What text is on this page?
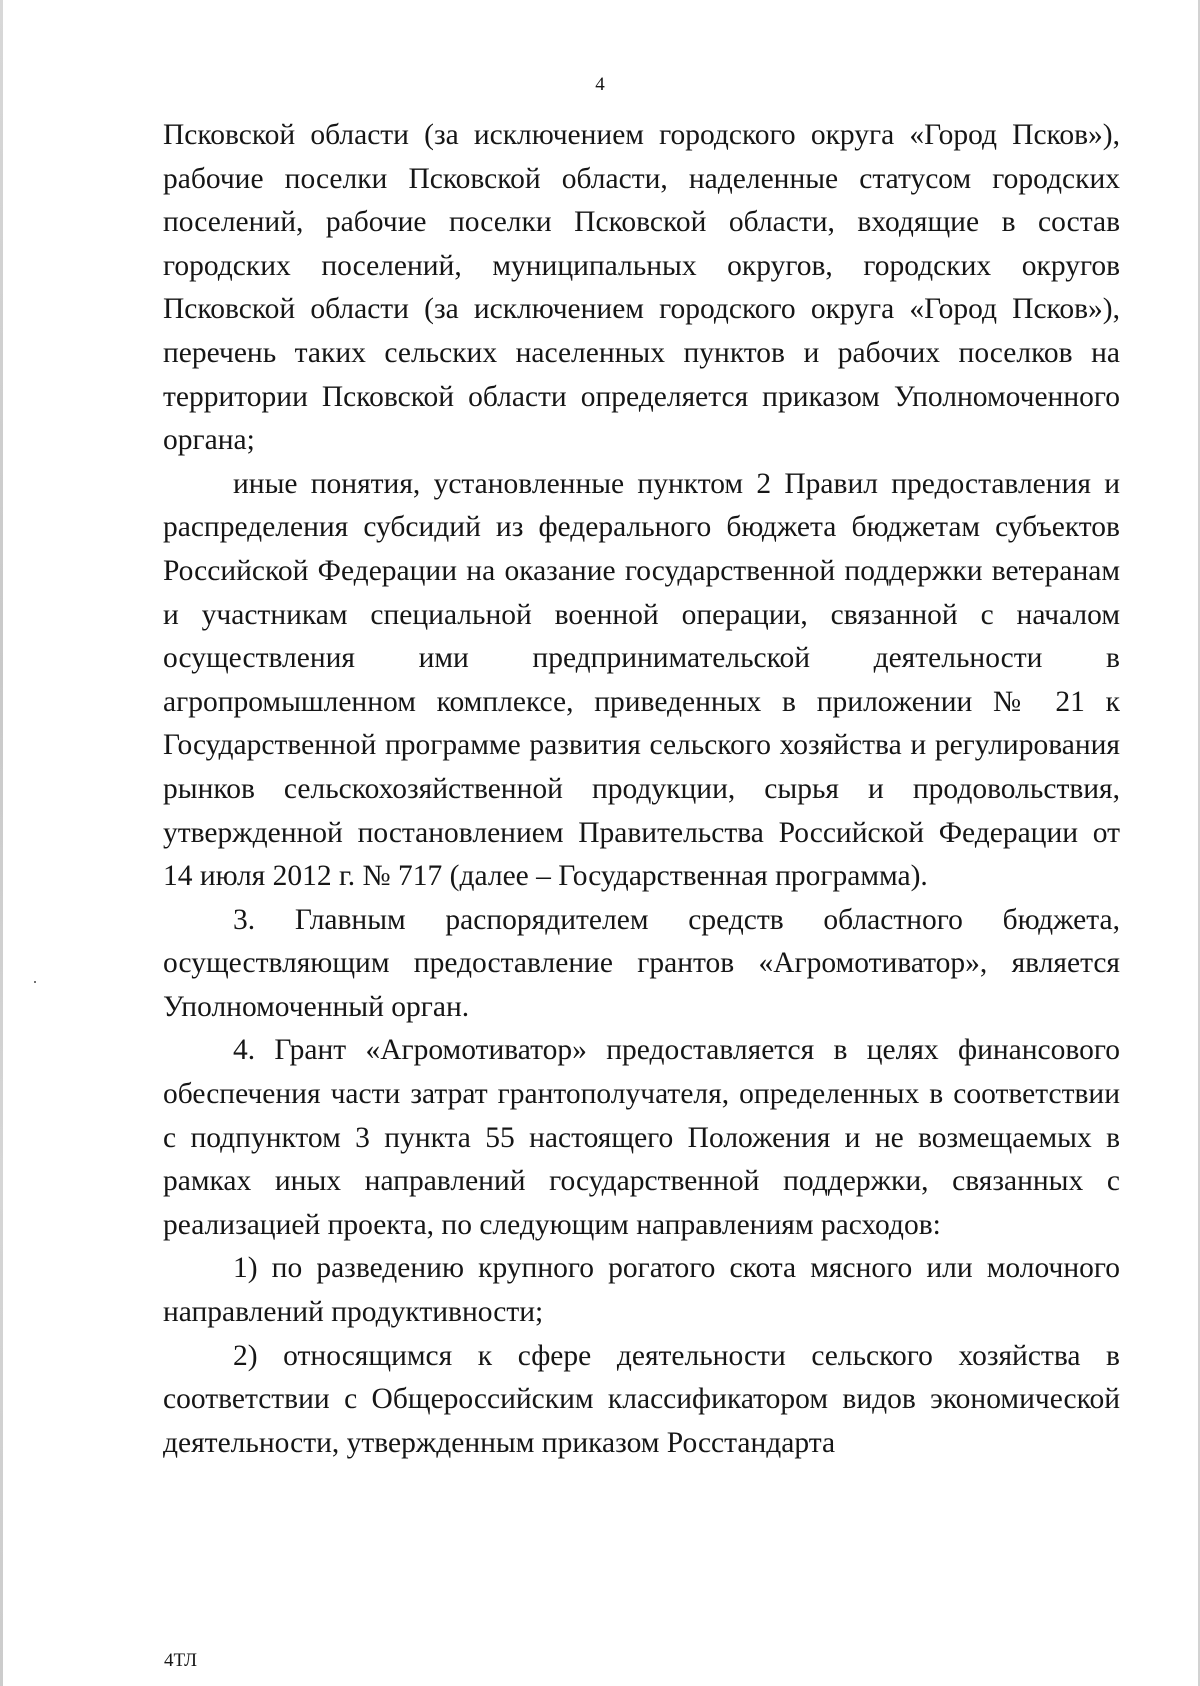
4

Псковской области (за исключением городского округа «Город Псков»), рабочие поселки Псковской области, наделенные статусом городских поселений, рабочие поселки Псковской области, входящие в состав городских поселений, муниципальных округов, городских округов Псковской области (за исключением городского округа «Город Псков»), перечень таких сельских населенных пунктов и рабочих поселков на территории Псковской области определяется приказом Уполномоченного органа;

иные понятия, установленные пунктом 2 Правил предоставления и распределения субсидий из федерального бюджета бюджетам субъектов Российской Федерации на оказание государственной поддержки ветеранам и участникам специальной военной операции, связанной с началом осуществления ими предпринимательской деятельности в агропромышленном комплексе, приведенных в приложении № 21 к Государственной программе развития сельского хозяйства и регулирования рынков сельскохозяйственной продукции, сырья и продовольствия, утвержденной постановлением Правительства Российской Федерации от 14 июля 2012 г. № 717 (далее – Государственная программа).

3. Главным распорядителем средств областного бюджета, осуществляющим предоставление грантов «Агромотиватор», является Уполномоченный орган.

4. Грант «Агромотиватор» предоставляется в целях финансового обеспечения части затрат грантополучателя, определенных в соответствии с подпунктом 3 пункта 55 настоящего Положения и не возмещаемых в рамках иных направлений государственной поддержки, связанных с реализацией проекта, по следующим направлениям расходов:

1) по разведению крупного рогатого скота мясного или молочного направлений продуктивности;

2) относящимся к сфере деятельности сельского хозяйства в соответствии с Общероссийским классификатором видов экономической деятельности, утвержденным приказом Росстандарта

4ТЛ
